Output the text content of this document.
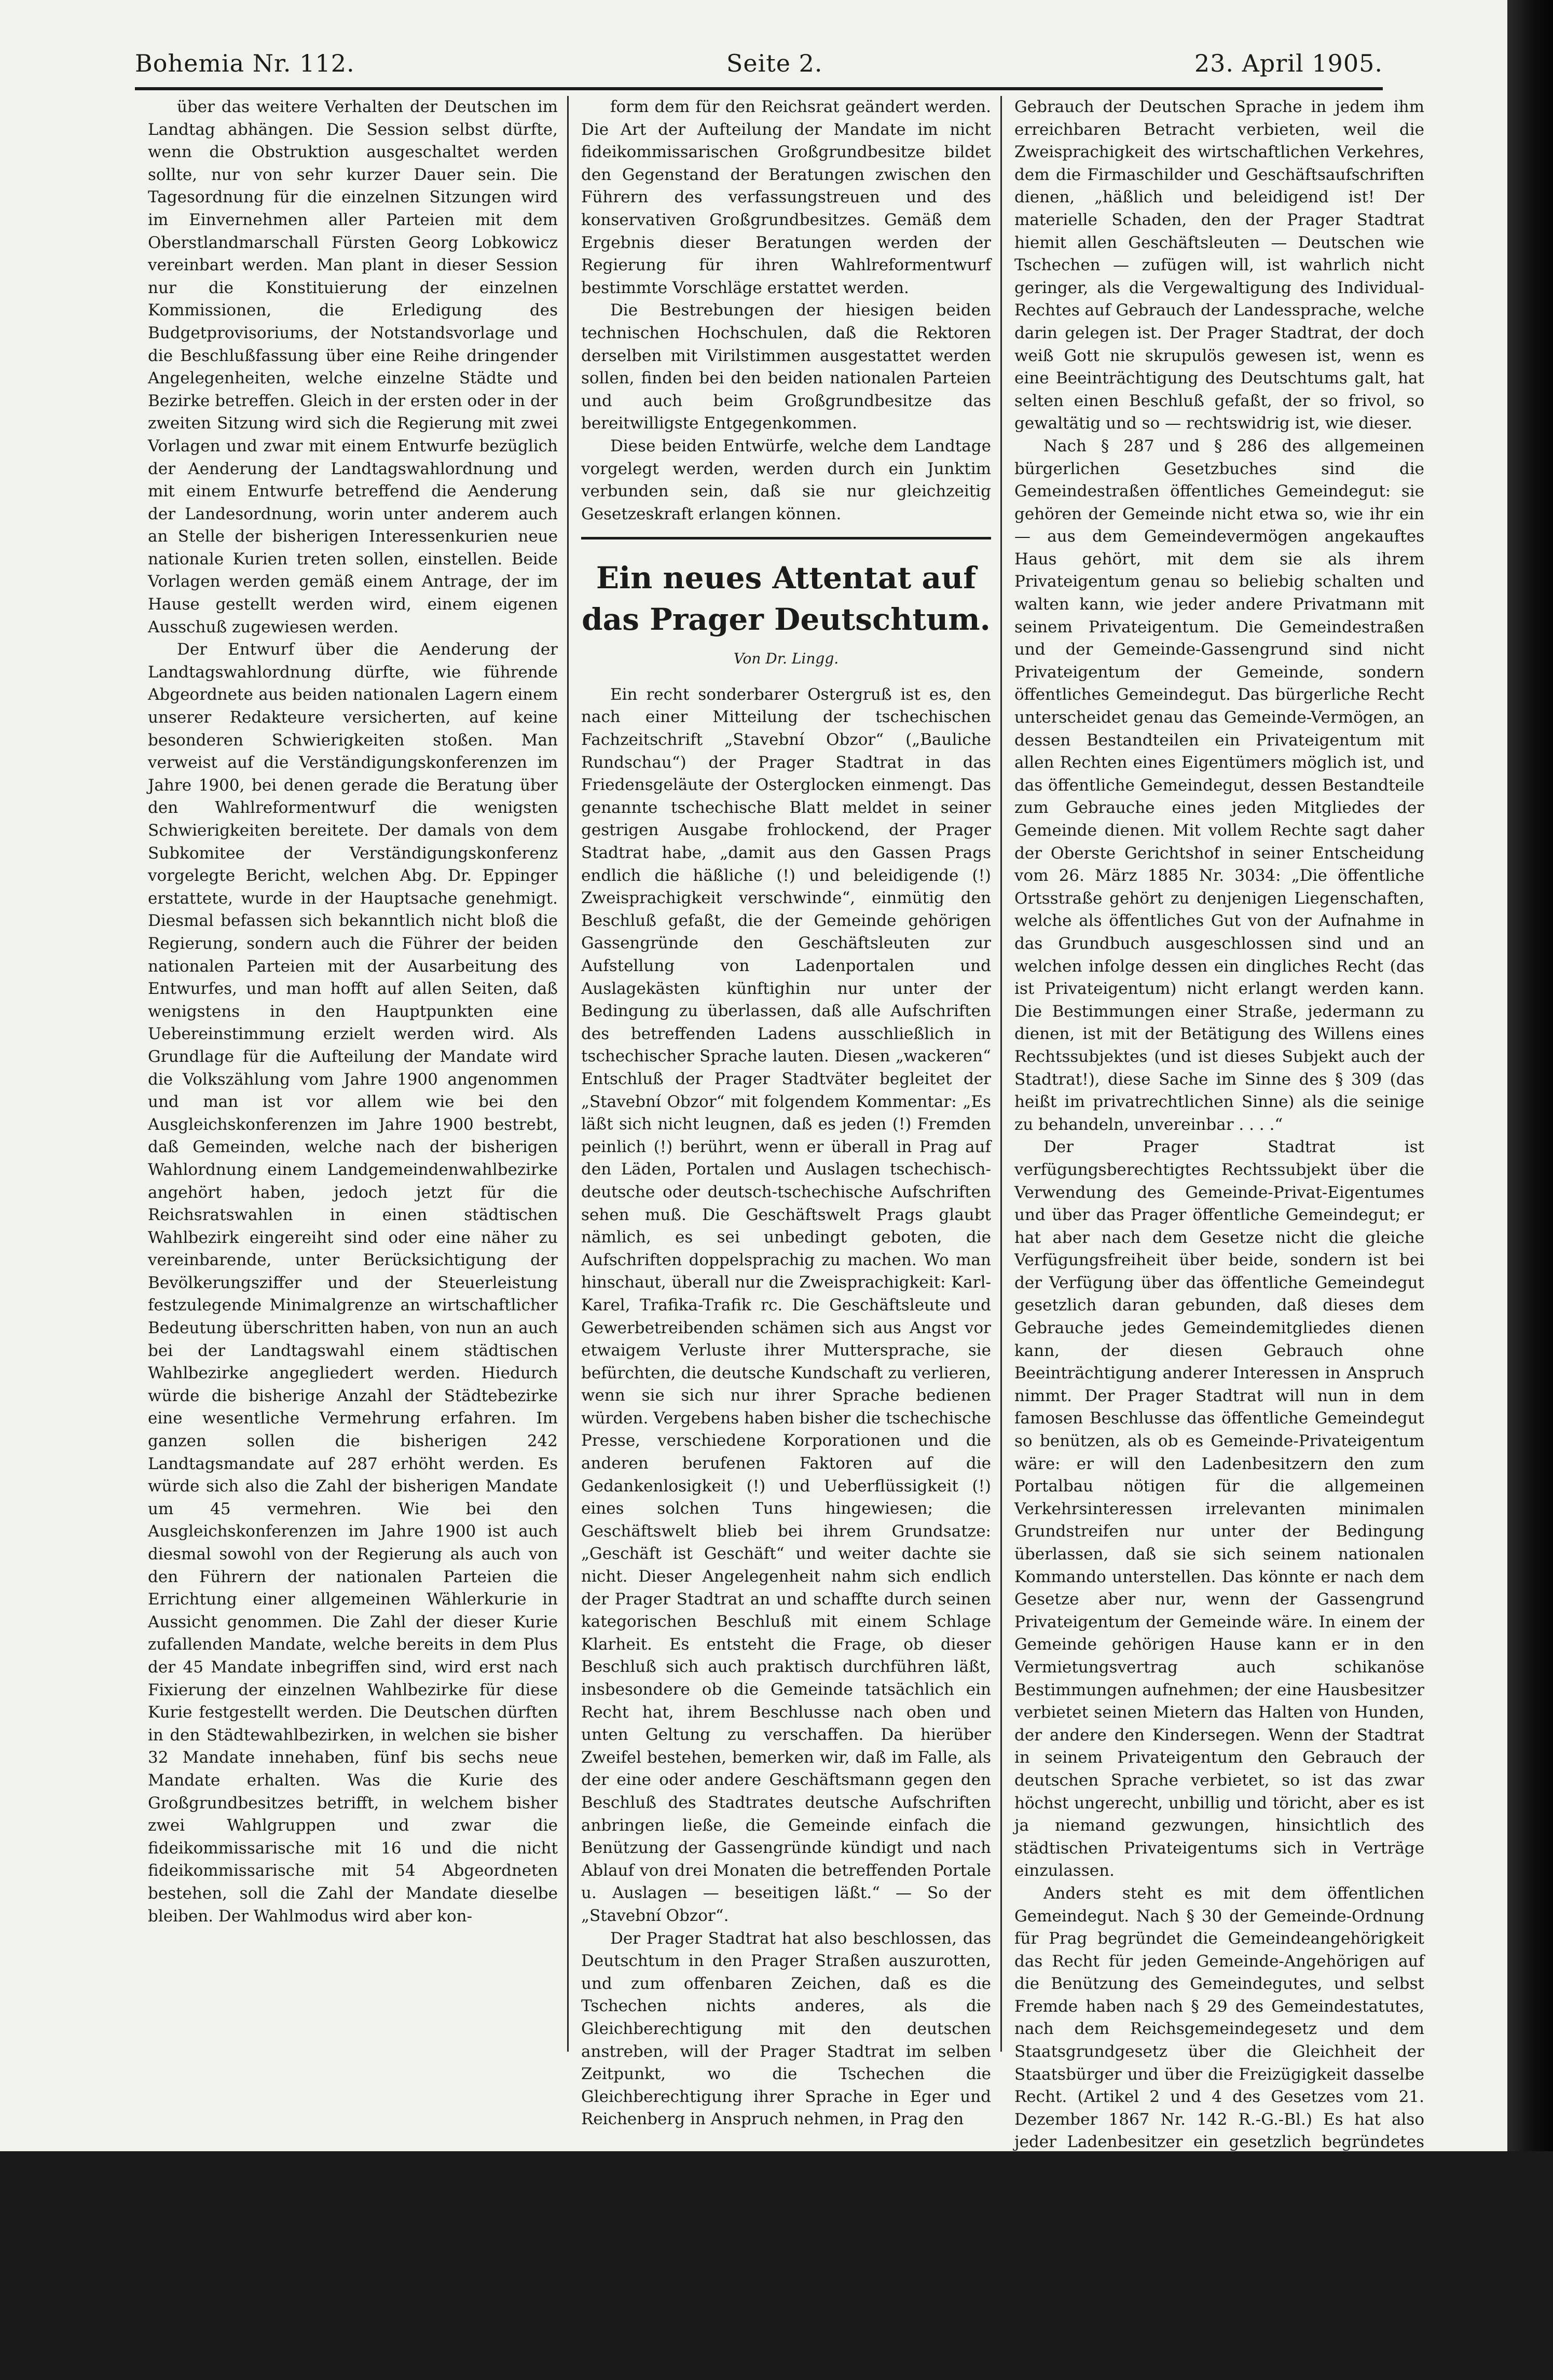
Bohemia Nr. 112.	Seite 2.	23. April 1905.

über das weitere Verhalten der Deutschen im Landtag abhängen. Die Session selbst dürfte, wenn die Obstruktion ausgeschaltet werden sollte, nur von sehr kurzer Dauer sein. Die Tagesordnung für die einzelnen Sitzungen wird im Einvernehmen aller Parteien mit dem Oberstlandmarschall Fürsten Georg Lobkowicz vereinbart werden. Man plant in dieser Session nur die Konstituierung der einzelnen Kommissionen, die Erledigung des Budgetprovisoriums, der Notstandsvorlage und die Beschlußfassung über eine Reihe dringender Angelegenheiten, welche einzelne Städte und Bezirke betreffen. Gleich in der ersten oder in der zweiten Sitzung wird sich die Regierung mit zwei Vorlagen und zwar mit einem Entwurfe bezüglich der Aenderung der Landtagswahlordnung und mit einem Entwurfe betreffend die Aenderung der Landesordnung, worin unter anderem auch an Stelle der bisherigen Interessenkurien neue nationale Kurien treten sollen, einstellen. Beide Vorlagen werden gemäß einem Antrage, der im Hause gestellt werden wird, einem eigenen Ausschuß zugewiesen werden.

Der Entwurf über die Aenderung der Landtagswahlordnung dürfte, wie führende Abgeordnete aus beiden nationalen Lagern einem unserer Redakteure versicherten, auf keine besonderen Schwierigkeiten stoßen. Man verweist auf die Verständigungskonferenzen im Jahre 1900, bei denen gerade die Beratung über den Wahlreformentwurf die wenigsten Schwierigkeiten bereitete. Der damals von dem Subkomitee der Verständigungskonferenz vorgelegte Bericht, welchen Abg. Dr. Eppinger erstattete, wurde in der Hauptsache genehmigt. Diesmal befassen sich bekanntlich nicht bloß die Regierung, sondern auch die Führer der beiden nationalen Parteien mit der Ausarbeitung des Entwurfes, und man hofft auf allen Seiten, daß wenigstens in den Hauptpunkten eine Uebereinstimmung erzielt werden wird. Als Grundlage für die Aufteilung der Mandate wird die Volkszählung vom Jahre 1900 angenommen und man ist vor allem wie bei den Ausgleichskonferenzen im Jahre 1900 bestrebt, daß Gemeinden, welche nach der bisherigen Wahlordnung einem Landgemeindenwahlbezirke angehört haben, jedoch jetzt für die Reichsratswahlen in einen städtischen Wahlbezirk eingereiht sind oder eine näher zu vereinbarende, unter Berücksichtigung der Bevölkerungsziffer und der Steuerleistung festzulegende Minimalgrenze an wirtschaftlicher Bedeutung überschritten haben, von nun an auch bei der Landtagswahl einem städtischen Wahlbezirke angegliedert werden. Hiedurch würde die bisherige Anzahl der Städtebezirke eine wesentliche Vermehrung erfahren. Im ganzen sollen die bisherigen 242 Landtagsmandate auf 287 erhöht werden. Es würde sich also die Zahl der bisherigen Mandate um 45 vermehren. Wie bei den Ausgleichskonferenzen im Jahre 1900 ist auch diesmal sowohl von der Regierung als auch von den Führern der nationalen Parteien die Errichtung einer allgemeinen Wählerkurie in Aussicht genommen. Die Zahl der dieser Kurie zufallenden Mandate, welche bereits in dem Plus der 45 Mandate inbegriffen sind, wird erst nach Fixierung der einzelnen Wahlbezirke für diese Kurie festgestellt werden. Die Deutschen dürften in den Städtewahlbezirken, in welchen sie bisher 32 Mandate innehaben, fünf bis sechs neue Mandate erhalten. Was die Kurie des Großgrundbesitzes betrifft, in welchem bisher zwei Wahlgruppen und zwar die fideikommissarische mit 16 und die nicht fideikommissarische mit 54 Abgeordneten bestehen, soll die Zahl der Mandate dieselbe bleiben. Der Wahlmodus wird aber kon-

form dem für den Reichsrat geändert werden. Die Art der Aufteilung der Mandate im nicht fideikommissarischen Großgrundbesitze bildet den Gegenstand der Beratungen zwischen den Führern des verfassungstreuen und des konservativen Großgrundbesitzes. Gemäß dem Ergebnis dieser Beratungen werden der Regierung für ihren Wahlreformentwurf bestimmte Vorschläge erstattet werden.

Die Bestrebungen der hiesigen beiden technischen Hochschulen, daß die Rektoren derselben mit Virilstimmen ausgestattet werden sollen, finden bei den beiden nationalen Parteien und auch beim Großgrundbesitze das bereitwilligste Entgegenkommen.

Diese beiden Entwürfe, welche dem Landtage vorgelegt werden, werden durch ein Junktim verbunden sein, daß sie nur gleichzeitig Gesetzeskraft erlangen können.

Ein neues Attentat auf das Prager Deutschtum.
Von Dr. Lingg.

Ein recht sonderbarer Ostergruß ist es, den nach einer Mitteilung der tschechischen Fachzeitschrift „Stavební Obzor“ („Bauliche Rundschau“) der Prager Stadtrat in das Friedensgeläute der Osterglocken einmengt. Das genannte tschechische Blatt meldet in seiner gestrigen Ausgabe frohlockend, der Prager Stadtrat habe, „damit aus den Gassen Prags endlich die häßliche (!) und beleidigende (!) Zweisprachigkeit verschwinde“, einmütig den Beschluß gefaßt, die der Gemeinde gehörigen Gassengründe den Geschäftsleuten zur Aufstellung von Ladenportalen und Auslagekästen künftighin nur unter der Bedingung zu überlassen, daß alle Aufschriften des betreffenden Ladens ausschließlich in tschechischer Sprache lauten. Diesen „wackeren“ Entschluß der Prager Stadtväter begleitet der „Stavební Obzor“ mit folgendem Kommentar: „Es läßt sich nicht leugnen, daß es jeden (!) Fremden peinlich (!) berührt, wenn er überall in Prag auf den Läden, Portalen und Auslagen tschechisch-deutsche oder deutsch-tschechische Aufschriften sehen muß. Die Geschäftswelt Prags glaubt nämlich, es sei unbedingt geboten, die Aufschriften doppelsprachig zu machen. Wo man hinschaut, überall nur die Zweisprachigkeit: Karl-Karel, Trafika-Trafik rc. Die Geschäftsleute und Gewerbetreibenden schämen sich aus Angst vor etwaigem Verluste ihrer Muttersprache, sie befürchten, die deutsche Kundschaft zu verlieren, wenn sie sich nur ihrer Sprache bedienen würden. Vergebens haben bisher die tschechische Presse, verschiedene Korporationen und die anderen berufenen Faktoren auf die Gedankenlosigkeit (!) und Ueberflüssigkeit (!) eines solchen Tuns hingewiesen; die Geschäftswelt blieb bei ihrem Grundsatze: „Geschäft ist Geschäft“ und weiter dachte sie nicht. Dieser Angelegenheit nahm sich endlich der Prager Stadtrat an und schaffte durch seinen kategorischen Beschluß mit einem Schlage Klarheit. Es entsteht die Frage, ob dieser Beschluß sich auch praktisch durchführen läßt, insbesondere ob die Gemeinde tatsächlich ein Recht hat, ihrem Beschlusse nach oben und unten Geltung zu verschaffen. Da hierüber Zweifel bestehen, bemerken wir, daß im Falle, als der eine oder andere Geschäftsmann gegen den Beschluß des Stadtrates deutsche Aufschriften anbringen ließe, die Gemeinde einfach die Benützung der Gassengründe kündigt und nach Ablauf von drei Monaten die betreffenden Portale u. Auslagen — beseitigen läßt.“ — So der „Stavební Obzor“.

Der Prager Stadtrat hat also beschlossen, das Deutschtum in den Prager Straßen auszurotten, und zum offenbaren Zeichen, daß es die Tschechen nichts anderes, als die Gleichberechtigung mit den deutschen anstreben, will der Prager Stadtrat im selben Zeitpunkt, wo die Tschechen die Gleichberechtigung ihrer Sprache in Eger und Reichenberg in Anspruch nehmen, in Prag den

Gebrauch der Deutschen Sprache in jedem ihm erreichbaren Betracht verbieten, weil die Zweisprachigkeit des wirtschaftlichen Verkehres, dem die Firmaschilder und Geschäftsaufschriften dienen, „häßlich und beleidigend ist! Der materielle Schaden, den der Prager Stadtrat hiemit allen Geschäftsleuten — Deutschen wie Tschechen — zufügen will, ist wahrlich nicht geringer, als die Vergewaltigung des Individual-Rechtes auf Gebrauch der Landessprache, welche darin gelegen ist. Der Prager Stadtrat, der doch weiß Gott nie skrupulös gewesen ist, wenn es eine Beeinträchtigung des Deutschtums galt, hat selten einen Beschluß gefaßt, der so frivol, so gewaltätig und so — rechtswidrig ist, wie dieser.

Nach § 287 und § 286 des allgemeinen bürgerlichen Gesetzbuches sind die Gemeindestraßen öffentliches Gemeindegut: sie gehören der Gemeinde nicht etwa so, wie ihr ein — aus dem Gemeindevermögen angekauftes Haus gehört, mit dem sie als ihrem Privateigentum genau so beliebig schalten und walten kann, wie jeder andere Privatmann mit seinem Privateigentum. Die Gemeindestraßen und der Gemeinde-Gassengrund sind nicht Privateigentum der Gemeinde, sondern öffentliches Gemeindegut. Das bürgerliche Recht unterscheidet genau das Gemeinde-Vermögen, an dessen Bestandteilen ein Privateigentum mit allen Rechten eines Eigentümers möglich ist, und das öffentliche Gemeindegut, dessen Bestandteile zum Gebrauche eines jeden Mitgliedes der Gemeinde dienen. Mit vollem Rechte sagt daher der Oberste Gerichtshof in seiner Entscheidung vom 26. März 1885 Nr. 3034: „Die öffentliche Ortsstraße gehört zu denjenigen Liegenschaften, welche als öffentliches Gut von der Aufnahme in das Grundbuch ausgeschlossen sind und an welchen infolge dessen ein dingliches Recht (das ist Privateigentum) nicht erlangt werden kann. Die Bestimmungen einer Straße, jedermann zu dienen, ist mit der Betätigung des Willens eines Rechtssubjektes (und ist dieses Subjekt auch der Stadtrat!), diese Sache im Sinne des § 309 (das heißt im privatrechtlichen Sinne) als die seinige zu behandeln, unvereinbar . . . .“

Der Prager Stadtrat ist verfügungsberechtigtes Rechtssubjekt über die Verwendung des Gemeinde-Privat-Eigentumes und über das Prager öffentliche Gemeindegut; er hat aber nach dem Gesetze nicht die gleiche Verfügungsfreiheit über beide, sondern ist bei der Verfügung über das öffentliche Gemeindegut gesetzlich daran gebunden, daß dieses dem Gebrauche jedes Gemeindemitgliedes dienen kann, der diesen Gebrauch ohne Beeinträchtigung anderer Interessen in Anspruch nimmt. Der Prager Stadtrat will nun in dem famosen Beschlusse das öffentliche Gemeindegut so benützen, als ob es Gemeinde-Privateigentum wäre: er will den Ladenbesitzern den zum Portalbau nötigen für die allgemeinen Verkehrsinteressen irrelevanten minimalen Grundstreifen nur unter der Bedingung überlassen, daß sie sich seinem nationalen Kommando unterstellen. Das könnte er nach dem Gesetze aber nur, wenn der Gassengrund Privateigentum der Gemeinde wäre. In einem der Gemeinde gehörigen Hause kann er in den Vermietungsvertrag auch schikanöse Bestimmungen aufnehmen; der eine Hausbesitzer verbietet seinen Mietern das Halten von Hunden, der andere den Kindersegen. Wenn der Stadtrat in seinem Privateigentum den Gebrauch der deutschen Sprache verbietet, so ist das zwar höchst ungerecht, unbillig und töricht, aber es ist ja niemand gezwungen, hinsichtlich des städtischen Privateigentums sich in Verträge einzulassen.

Anders steht es mit dem öffentlichen Gemeindegut. Nach § 30 der Gemeinde-Ordnung für Prag begründet die Gemeindeangehörigkeit das Recht für jeden Gemeinde-Angehörigen auf die Benützung des Gemeindegutes, und selbst Fremde haben nach § 29 des Gemeindestatutes, nach dem Reichsgemeindegesetz und dem Staatsgrundgesetz über die Gleichheit der Staatsbürger und über die Freizügigkeit dasselbe Recht. (Artikel 2 und 4 des Gesetzes vom 21. Dezember 1867 Nr. 142 R.-G.-Bl.) Es hat also jeder Ladenbesitzer ein gesetzlich begründetes Anrecht darauf, daß er den Gassengrund, soferne derselbe überhaupt verfügbar und zu Trottoirzwecken unentbehrlich ist, für seine Geschäftszwecke benützen darf. Wenn die Gemeinde mit ihm einen Vertrag betreffend die Benützung des Gassengrundes zu Portalzwecken schließt und wenn sie dafür einen Zins verlangt, so handelt sie dabei nicht als Privat-Eigentümerin des Gassengrundes, sondern als Organ zur Verwaltung des öffentlichen Gemeindegutes.
